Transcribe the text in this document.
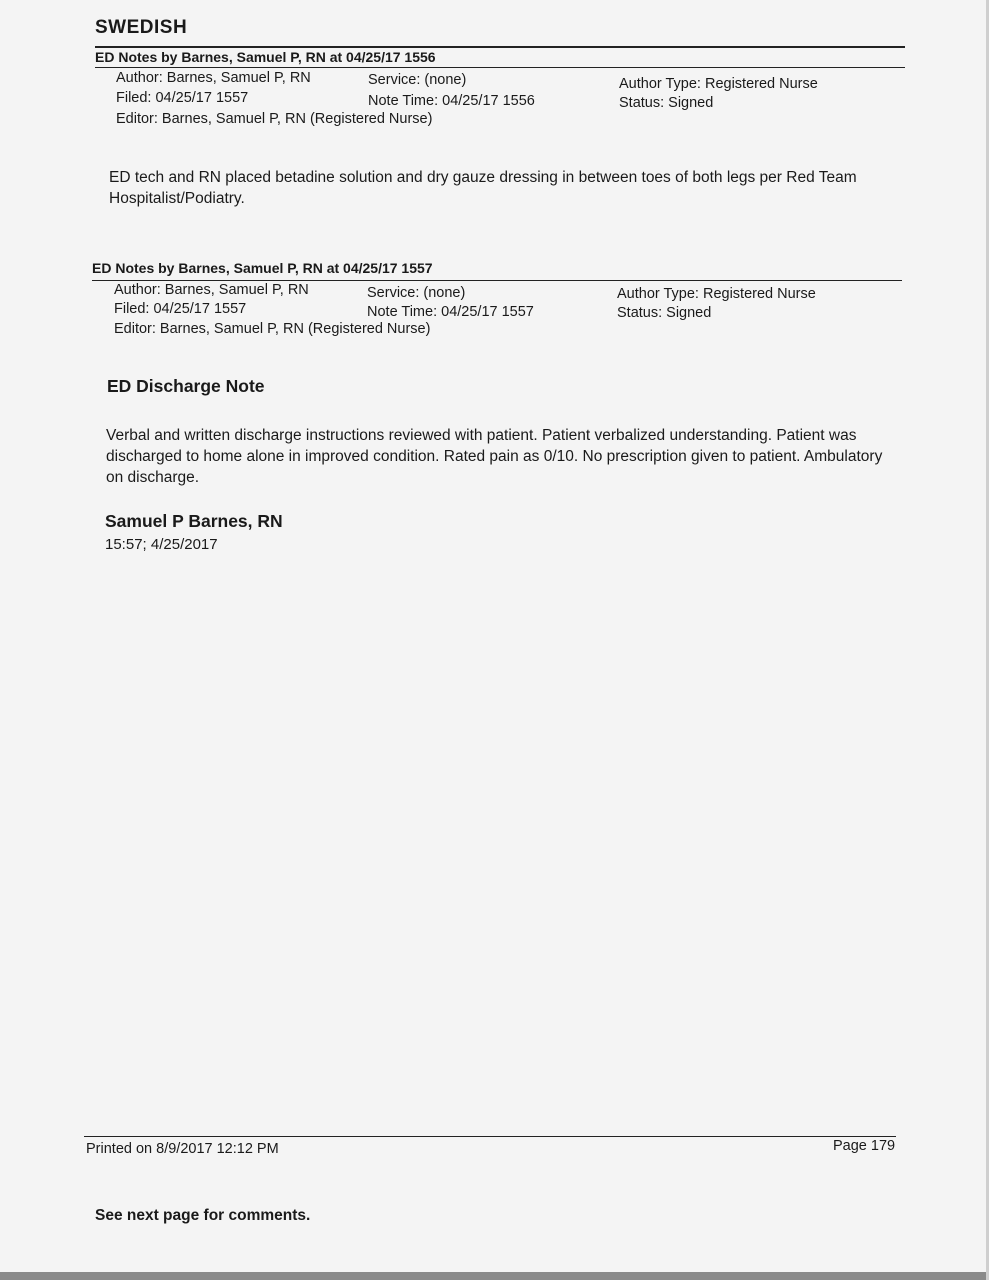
SWEDISH
ED Notes by Barnes, Samuel P, RN at 04/25/17 1556
Author: Barnes, Samuel P, RN	Service: (none)	Author Type: Registered Nurse
Filed: 04/25/17 1557	Note Time: 04/25/17 1556	Status: Signed
Editor: Barnes, Samuel P, RN (Registered Nurse)
ED tech and RN placed betadine solution and dry gauze dressing in between toes of both legs per Red Team Hospitalist/Podiatry.
ED Notes by Barnes, Samuel P, RN at 04/25/17 1557
Author: Barnes, Samuel P, RN	Service: (none)	Author Type: Registered Nurse
Filed: 04/25/17 1557	Note Time: 04/25/17 1557	Status: Signed
Editor: Barnes, Samuel P, RN (Registered Nurse)
ED Discharge Note
Verbal and written discharge instructions reviewed with patient. Patient verbalized understanding. Patient was discharged to home alone in improved condition. Rated pain as 0/10. No prescription given to patient. Ambulatory on discharge.
Samuel P Barnes, RN
15:57; 4/25/2017
Printed on 8/9/2017 12:12 PM	Page 179
See next page for comments.
